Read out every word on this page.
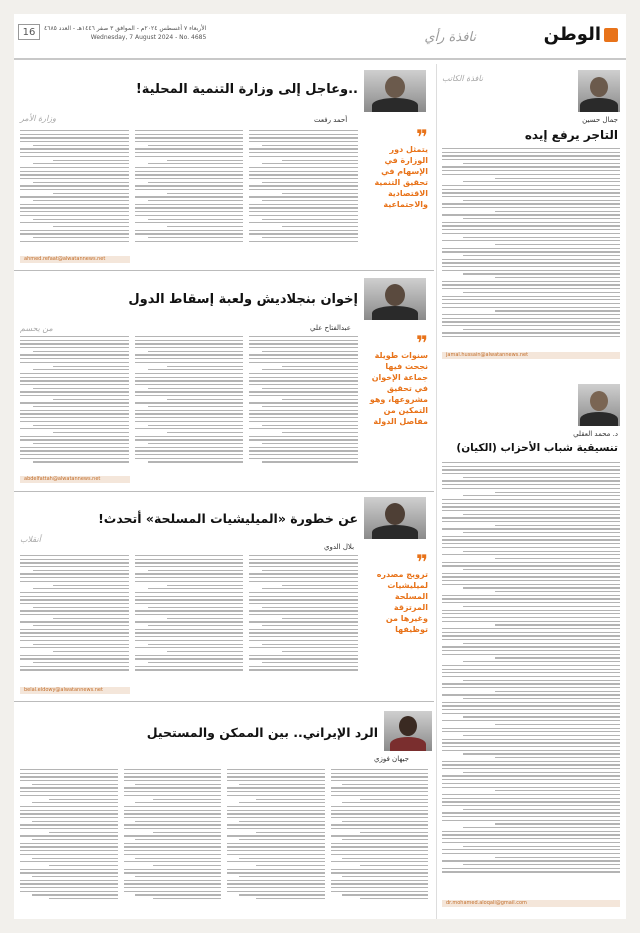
الوطن
نافذة رأي
الأربعاء ٧ أغسطس ٢٠٢٤م - الموافق ٣ صفر ١٤٤٦هـ - العدد ٤٦٨٥
Wednesday, 7 August 2024 - No. 4685
16
نافذة الكاتب
جمال حسين
التاجر يرفع إيده
jamal.hussain@alwatannews.net
د. محمد العقلي
تنسيقية شباب الأحزاب (الكيان)
dr.mohamed.aloqali@gmail.com
..وعاجل إلى وزارة التنمية المحلية!
أحمد رفعت
وزارة الأمر
❞
يتمثل دور الوزارة في الإسهام في تحقيق التنمية الاقتصادية والاجتماعية
ahmed.refaat@alwatannews.net
إخوان بنجلاديش ولعبة إسقاط الدول
عبدالفتاح علي
من يحسم
❞
سنوات طويلة نجحت فيها جماعة الإخوان في تحقيق مشروعها، وهو التمكين من مفاصل الدولة
abdelfattah@alwatannews.net
عن خطورة «الميليشيات المسلحة» أتحدث!
بلال الدوي
أنقلاب
❞
ترويج مصدره لميليشيات المسلحة المرتزقة وغيرها من توظيفها
belal.eldowy@alwatannews.net
الرد الإيراني.. بين الممكن والمستحيل
جيهان فوزي
